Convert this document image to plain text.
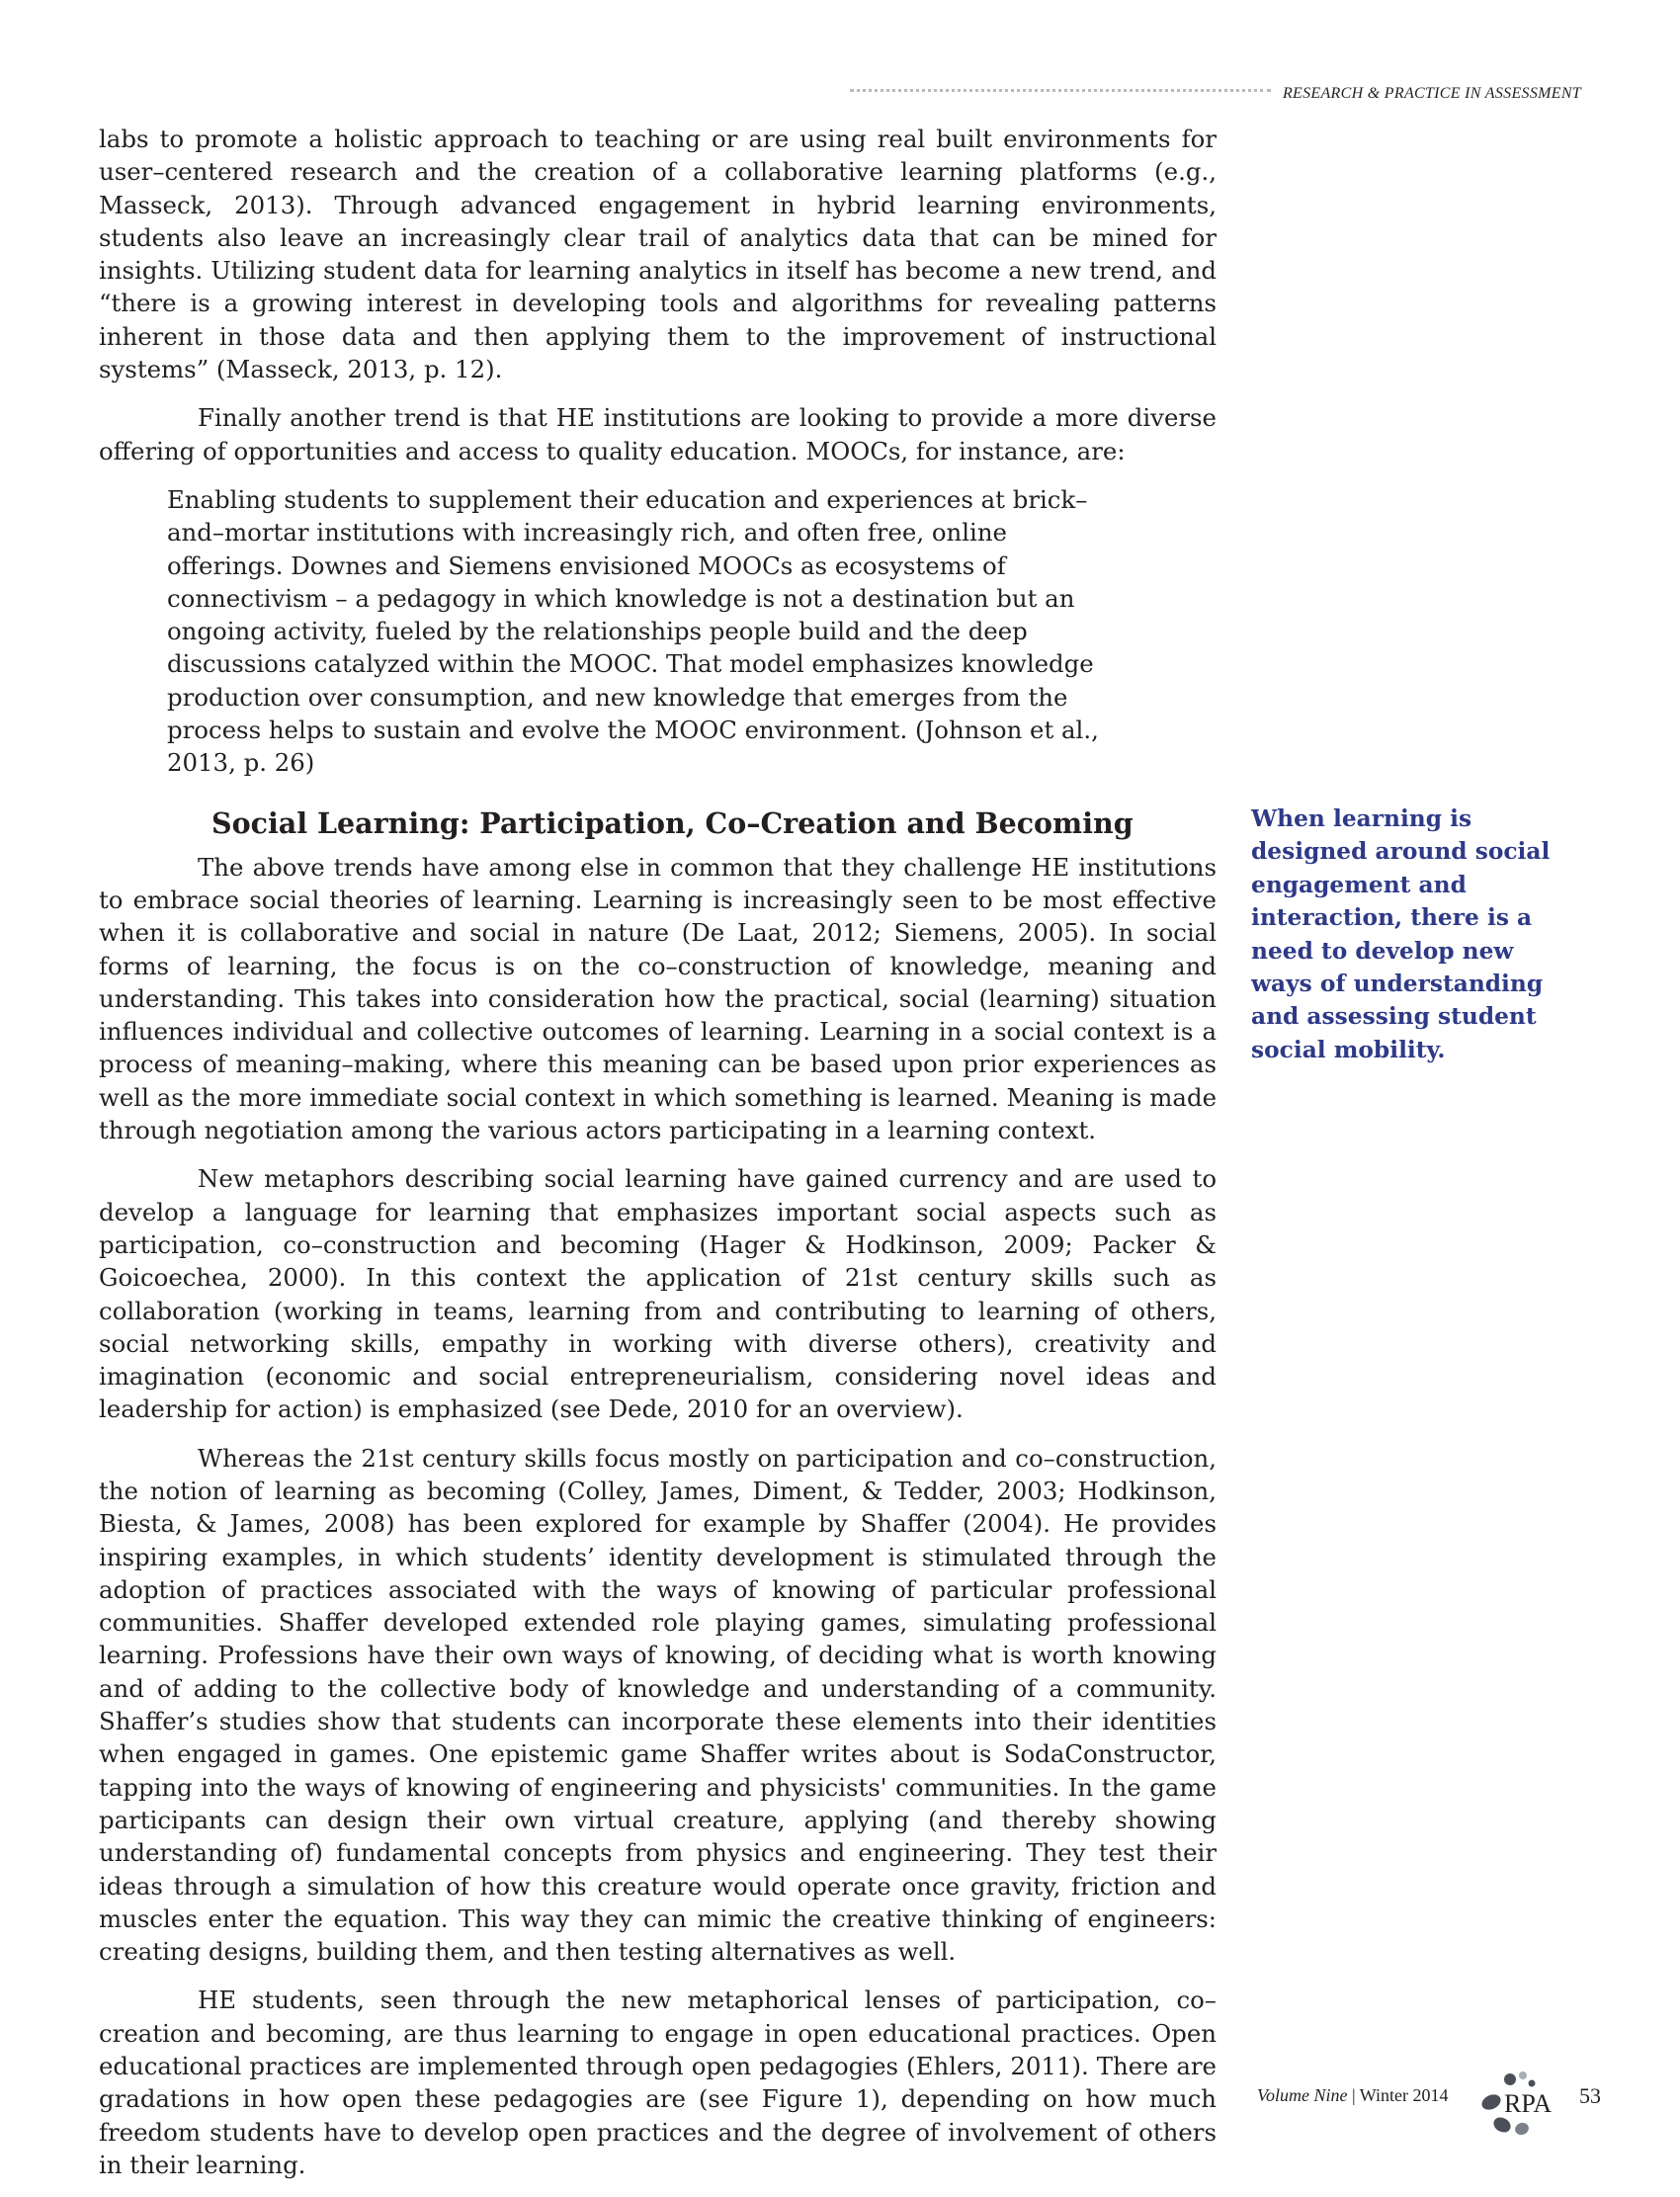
RESEARCH & PRACTICE IN ASSESSMENT

labs to promote a holistic approach to teaching or are using real built environments for user–centered research and the creation of a collaborative learning platforms (e.g., Masseck, 2013). Through advanced engagement in hybrid learning environments, students also leave an increasingly clear trail of analytics data that can be mined for insights. Utilizing student data for learning analytics in itself has become a new trend, and “there is a growing interest in developing tools and algorithms for revealing patterns inherent in those data and then applying them to the improvement of instructional systems” (Masseck, 2013, p. 12).

Finally another trend is that HE institutions are looking to provide a more diverse offering of opportunities and access to quality education. MOOCs, for instance, are:

Enabling students to supplement their education and experiences at brick–and–mortar institutions with increasingly rich, and often free, online offerings. Downes and Siemens envisioned MOOCs as ecosystems of connectivism – a pedagogy in which knowledge is not a destination but an ongoing activity, fueled by the relationships people build and the deep discussions catalyzed within the MOOC. That model emphasizes knowledge production over consumption, and new knowledge that emerges from the process helps to sustain and evolve the MOOC environment. (Johnson et al., 2013, p. 26)
Social Learning: Participation, Co–Creation and Becoming

The above trends have among else in common that they challenge HE institutions to embrace social theories of learning. Learning is increasingly seen to be most effective when it is collaborative and social in nature (De Laat, 2012; Siemens, 2005). In social forms of learning, the focus is on the co–construction of knowledge, meaning and understanding. This takes into consideration how the practical, social (learning) situation influences individual and collective outcomes of learning. Learning in a social context is a process of meaning–making, where this meaning can be based upon prior experiences as well as the more immediate social context in which something is learned. Meaning is made through negotiation among the various actors participating in a learning context.

New metaphors describing social learning have gained currency and are used to develop a language for learning that emphasizes important social aspects such as participation, co–construction and becoming (Hager & Hodkinson, 2009; Packer & Goicoechea, 2000). In this context the application of 21st century skills such as collaboration (working in teams, learning from and contributing to learning of others, social networking skills, empathy in working with diverse others), creativity and imagination (economic and social entrepreneurialism, considering novel ideas and leadership for action) is emphasized (see Dede, 2010 for an overview).

Whereas the 21st century skills focus mostly on participation and co–construction, the notion of learning as becoming (Colley, James, Diment, & Tedder, 2003; Hodkinson, Biesta, & James, 2008) has been explored for example by Shaffer (2004). He provides inspiring examples, in which students’ identity development is stimulated through the adoption of practices associated with the ways of knowing of particular professional communities. Shaffer developed extended role playing games, simulating professional learning. Professions have their own ways of knowing, of deciding what is worth knowing and of adding to the collective body of knowledge and understanding of a community. Shaffer’s studies show that students can incorporate these elements into their identities when engaged in games. One epistemic game Shaffer writes about is SodaConstructor, tapping into the ways of knowing of engineering and physicists' communities. In the game participants can design their own virtual creature, applying (and thereby showing understanding of) fundamental concepts from physics and engineering. They test their ideas through a simulation of how this creature would operate once gravity, friction and muscles enter the equation. This way they can mimic the creative thinking of engineers: creating designs, building them, and then testing alternatives as well.

HE students, seen through the new metaphorical lenses of participation, co–creation and becoming, are thus learning to engage in open educational practices. Open educational practices are implemented through open pedagogies (Ehlers, 2011). There are gradations in how open these pedagogies are (see Figure 1), depending on how much freedom students have to develop open practices and the degree of involvement of others in their learning.

When learning is designed around social engagement and interaction, there is a need to develop new ways of understanding and assessing student social mobility.
Volume Nine | Winter 2014 RPA 53
